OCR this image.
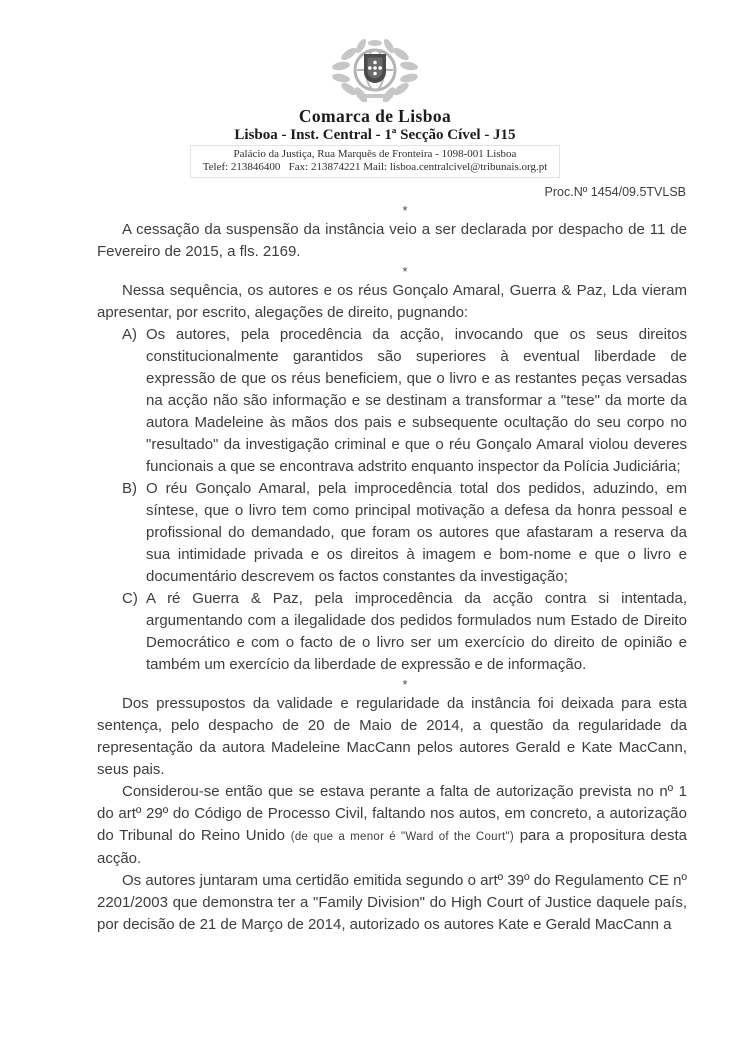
Comarca de Lisboa
Lisboa - Inst. Central - 1ª Secção Cível - J15
Palácio da Justiça, Rua Marquês de Fronteira - 1098-001 Lisboa
Telef: 213846400   Fax: 213874221 Mail: lisboa.centralcivel@tribunais.org.pt
Proc.Nº 1454/09.5TVLSB
*

A cessação da suspensão da instância veio a ser declarada por despacho de 11 de Fevereiro de 2015, a fls. 2169.

*

Nessa sequência, os autores e os réus Gonçalo Amaral, Guerra & Paz, Lda vieram apresentar, por escrito, alegações de direito, pugnando:

A) Os autores, pela procedência da acção, invocando que os seus direitos constitucionalmente garantidos são superiores à eventual liberdade de expressão de que os réus beneficiem, que o livro e as restantes peças versadas na acção não são informação e se destinam a transformar a "tese" da morte da autora Madeleine às mãos dos pais e subsequente ocultação do seu corpo no "resultado" da investigação criminal e que o réu Gonçalo Amaral violou deveres funcionais a que se encontrava adstrito enquanto inspector da Polícia Judiciária;
B) O réu Gonçalo Amaral, pela improcedência total dos pedidos, aduzindo, em síntese, que o livro tem como principal motivação a defesa da honra pessoal e profissional do demandado, que foram os autores que afastaram a reserva da sua intimidade privada e os direitos à imagem e bom-nome e que o livro e documentário descrevem os factos constantes da investigação;
C) A ré Guerra & Paz, pela improcedência da acção contra si intentada, argumentando com a ilegalidade dos pedidos formulados num Estado de Direito Democrático e com o facto de o livro ser um exercício do direito de opinião e também um exercício da liberdade de expressão e de informação.
*

Dos pressupostos da validade e regularidade da instância foi deixada para esta sentença, pelo despacho de 20 de Maio de 2014, a questão da regularidade da representação da autora Madeleine MacCann pelos autores Gerald e Kate MacCann, seus pais.

Considerou-se então que se estava perante a falta de autorização prevista no nº 1 do artº 29º do Código de Processo Civil, faltando nos autos, em concreto, a autorização do Tribunal do Reino Unido (de que a menor é "Ward of the Court") para a propositura desta acção.

Os autores juntaram uma certidão emitida segundo o artº 39º do Regulamento CE nº 2201/2003 que demonstra ter a "Family Division" do High Court of Justice daquele país, por decisão de 21 de Março de 2014, autorizado os autores Kate e Gerald MacCann a
